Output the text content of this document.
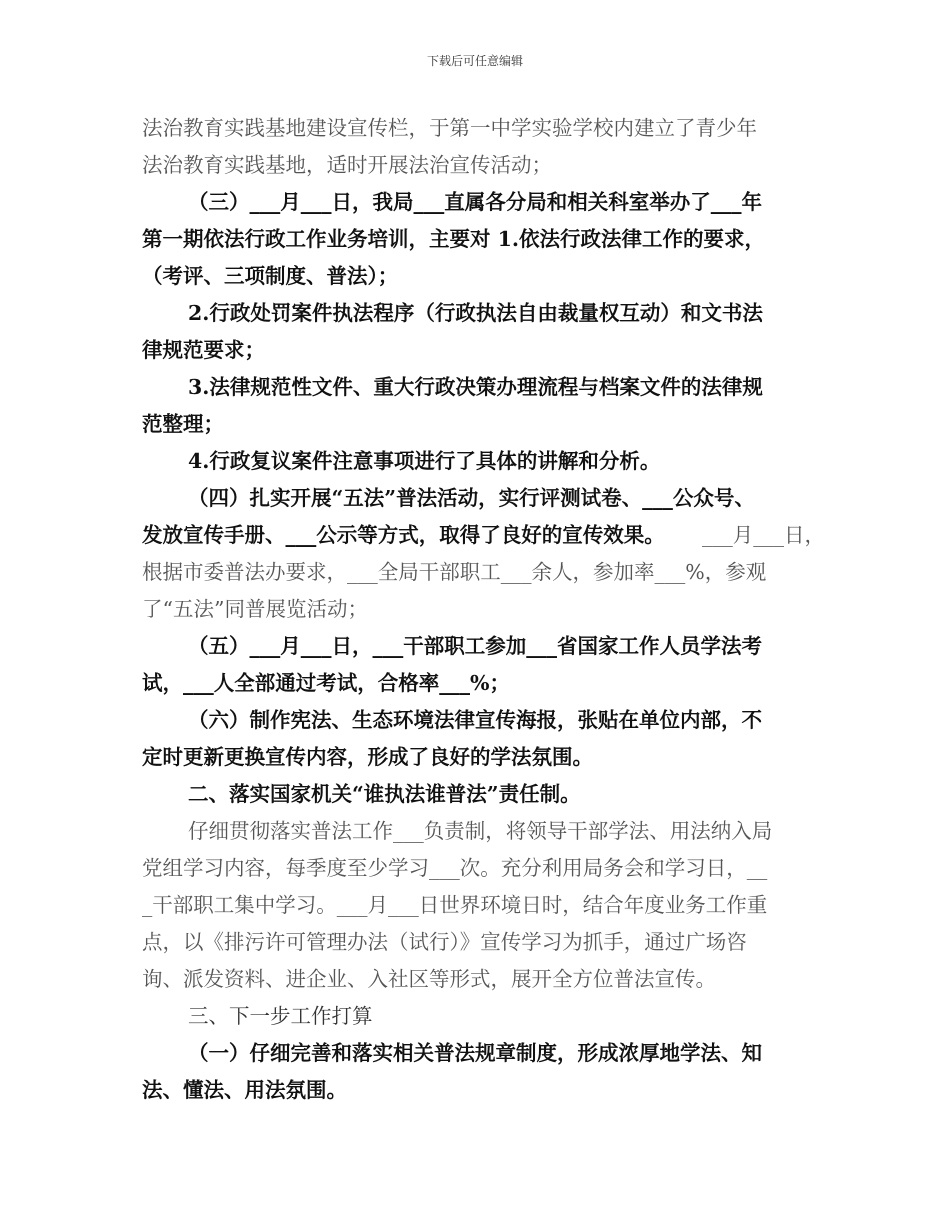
下载后可任意编辑
法治教育实践基地建设宣传栏，于第一中学实验学校内建立了青少年
法治教育实践基地，适时开展法治宣传活动；
（三）___月___日，我局___直属各分局和相关科室举办了___年
第一期依法行政工作业务培训，主要对 1.依法行政法律工作的要求，
（考评、三项制度、普法）；
2.行政处罚案件执法程序（行政执法自由裁量权互动）和文书法
律规范要求；
3.法律规范性文件、重大行政决策办理流程与档案文件的法律规
范整理；
4.行政复议案件注意事项进行了具体的讲解和分析。
（四）扎实开展“五法”普法活动，实行评测试卷、___公众号、
发放宣传手册、___公示等方式，取得了良好的宣传效果。	___月___日，
根据市委普法办要求，___全局干部职工___余人，参加率___%，参观
了“五法”同普展览活动；
（五）___月___日，___干部职工参加___省国家工作人员学法考
试，___人全部通过考试，合格率___%；
（六）制作宪法、生态环境法律宣传海报，张贴在单位内部，不
定时更新更换宣传内容，形成了良好的学法氛围。
二、落实国家机关“谁执法谁普法”责任制。
仔细贯彻落实普法工作___负责制，将领导干部学法、用法纳入局
党组学习内容，每季度至少学习___次。充分利用局务会和学习日，__
_干部职工集中学习。___月___日世界环境日时，结合年度业务工作重
点，以《排污许可管理办法（试行）》宣传学习为抓手，通过广场咨
询、派发资料、进企业、入社区等形式，展开全方位普法宣传。
三、下一步工作打算
（一）仔细完善和落实相关普法规章制度，形成浓厚地学法、知
法、懂法、用法氛围。
